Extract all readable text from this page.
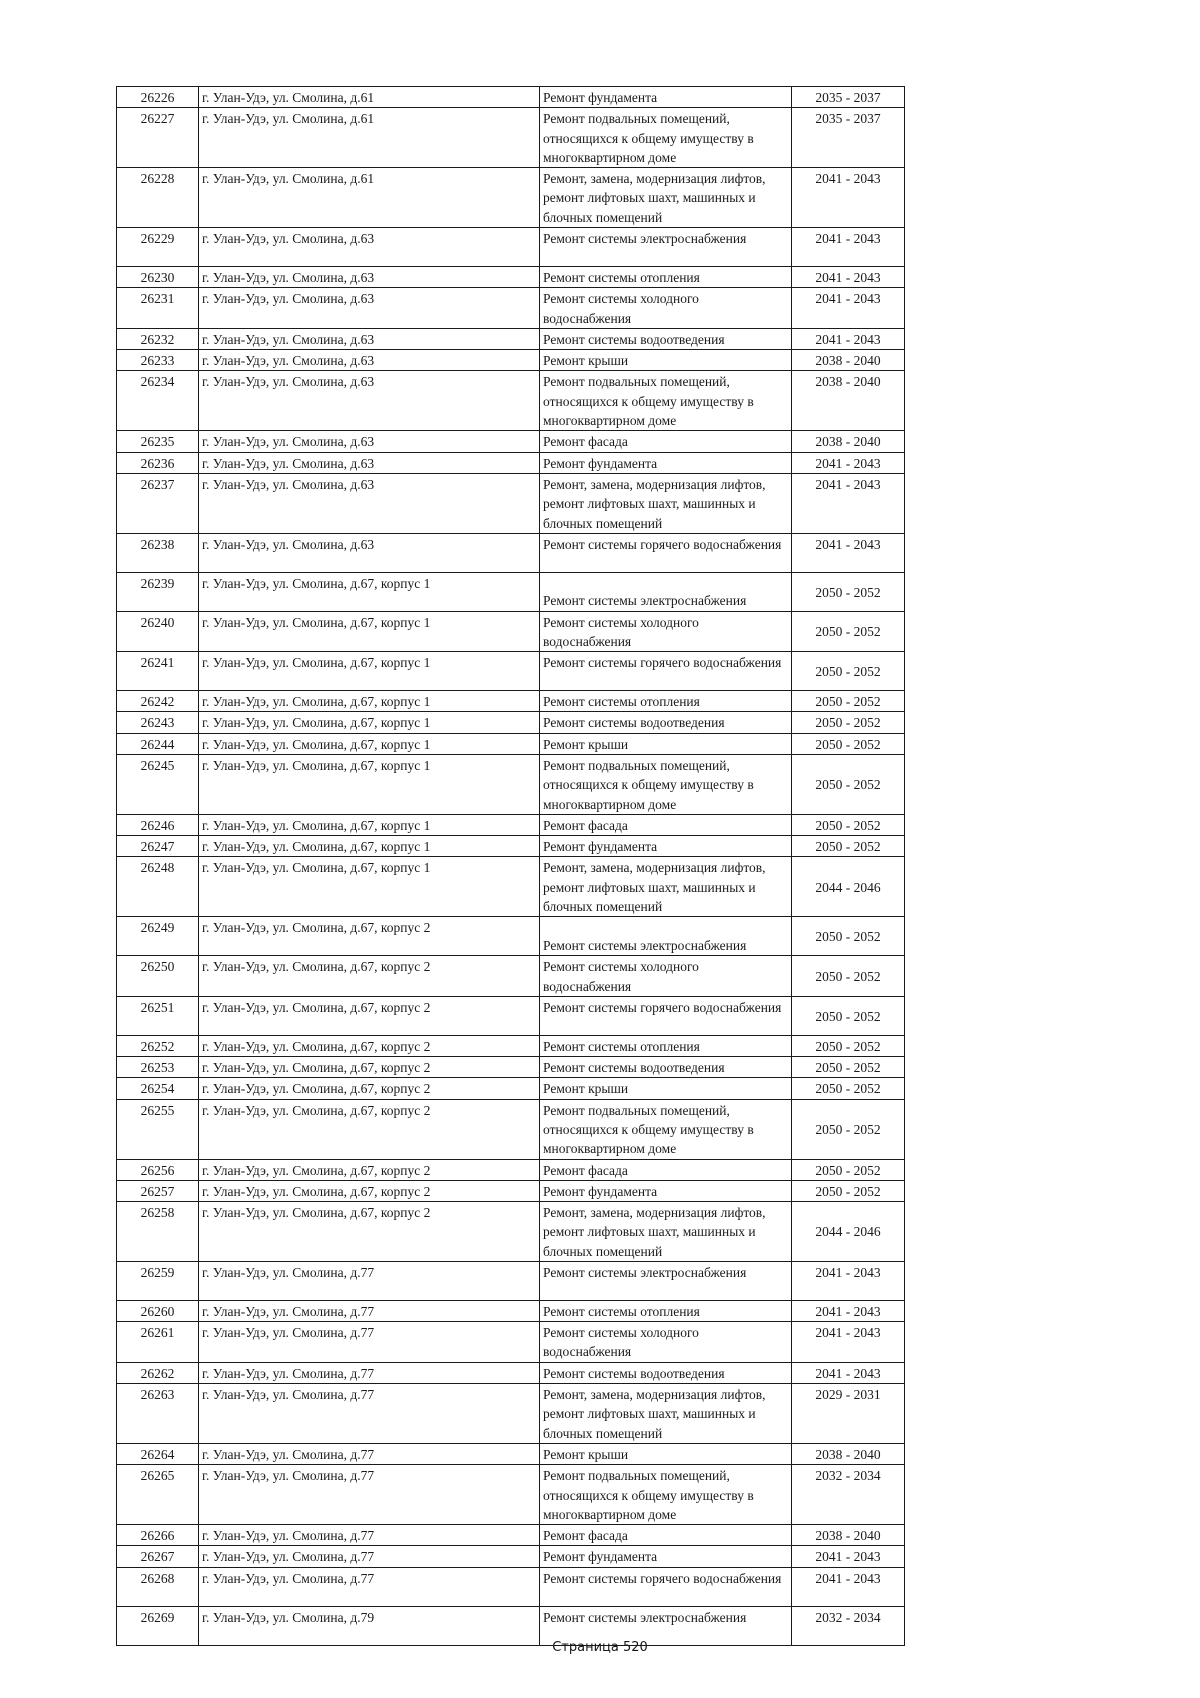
26226	г. Улан-Удэ, ул. Смолина, д.61	Ремонт фундамента	2035 - 2037
26227	г. Улан-Удэ, ул. Смолина, д.61	Ремонт подвальных помещений, относящихся к общему имуществу в многоквартирном доме	2035 - 2037
26228	г. Улан-Удэ, ул. Смолина, д.61	Ремонт, замена, модернизация лифтов, ремонт лифтовых шахт, машинных и блочных помещений	2041 - 2043
26229	г. Улан-Удэ, ул. Смолина, д.63	Ремонт системы электроснабжения	2041 - 2043
26230	г. Улан-Удэ, ул. Смолина, д.63	Ремонт системы отопления	2041 - 2043
26231	г. Улан-Удэ, ул. Смолина, д.63	Ремонт системы холодного водоснабжения	2041 - 2043
26232	г. Улан-Удэ, ул. Смолина, д.63	Ремонт системы водоотведения	2041 - 2043
26233	г. Улан-Удэ, ул. Смолина, д.63	Ремонт крыши	2038 - 2040
26234	г. Улан-Удэ, ул. Смолина, д.63	Ремонт подвальных помещений, относящихся к общему имуществу в многоквартирном доме	2038 - 2040
26235	г. Улан-Удэ, ул. Смолина, д.63	Ремонт фасада	2038 - 2040
26236	г. Улан-Удэ, ул. Смолина, д.63	Ремонт фундамента	2041 - 2043
26237	г. Улан-Удэ, ул. Смолина, д.63	Ремонт, замена, модернизация лифтов, ремонт лифтовых шахт, машинных и блочных помещений	2041 - 2043
26238	г. Улан-Удэ, ул. Смолина, д.63	Ремонт системы горячего водоснабжения	2041 - 2043
26239	г. Улан-Удэ, ул. Смолина, д.67, корпус 1	Ремонт системы электроснабжения	2050 - 2052
26240	г. Улан-Удэ, ул. Смолина, д.67, корпус 1	Ремонт системы холодного водоснабжения	2050 - 2052
26241	г. Улан-Удэ, ул. Смолина, д.67, корпус 1	Ремонт системы горячего водоснабжения	2050 - 2052
26242	г. Улан-Удэ, ул. Смолина, д.67, корпус 1	Ремонт системы отопления	2050 - 2052
26243	г. Улан-Удэ, ул. Смолина, д.67, корпус 1	Ремонт системы водоотведения	2050 - 2052
26244	г. Улан-Удэ, ул. Смолина, д.67, корпус 1	Ремонт крыши	2050 - 2052
26245	г. Улан-Удэ, ул. Смолина, д.67, корпус 1	Ремонт подвальных помещений, относящихся к общему имуществу в многоквартирном доме	2050 - 2052
26246	г. Улан-Удэ, ул. Смолина, д.67, корпус 1	Ремонт фасада	2050 - 2052
26247	г. Улан-Удэ, ул. Смолина, д.67, корпус 1	Ремонт фундамента	2050 - 2052
26248	г. Улан-Удэ, ул. Смолина, д.67, корпус 1	Ремонт, замена, модернизация лифтов, ремонт лифтовых шахт, машинных и блочных помещений	2044 - 2046
26249	г. Улан-Удэ, ул. Смолина, д.67, корпус 2	Ремонт системы электроснабжения	2050 - 2052
26250	г. Улан-Удэ, ул. Смолина, д.67, корпус 2	Ремонт системы холодного водоснабжения	2050 - 2052
26251	г. Улан-Удэ, ул. Смолина, д.67, корпус 2	Ремонт системы горячего водоснабжения	2050 - 2052
26252	г. Улан-Удэ, ул. Смолина, д.67, корпус 2	Ремонт системы отопления	2050 - 2052
26253	г. Улан-Удэ, ул. Смолина, д.67, корпус 2	Ремонт системы водоотведения	2050 - 2052
26254	г. Улан-Удэ, ул. Смолина, д.67, корпус 2	Ремонт крыши	2050 - 2052
26255	г. Улан-Удэ, ул. Смолина, д.67, корпус 2	Ремонт подвальных помещений, относящихся к общему имуществу в многоквартирном доме	2050 - 2052
26256	г. Улан-Удэ, ул. Смолина, д.67, корпус 2	Ремонт фасада	2050 - 2052
26257	г. Улан-Удэ, ул. Смолина, д.67, корпус 2	Ремонт фундамента	2050 - 2052
26258	г. Улан-Удэ, ул. Смолина, д.67, корпус 2	Ремонт, замена, модернизация лифтов, ремонт лифтовых шахт, машинных и блочных помещений	2044 - 2046
26259	г. Улан-Удэ, ул. Смолина, д.77	Ремонт системы электроснабжения	2041 - 2043
26260	г. Улан-Удэ, ул. Смолина, д.77	Ремонт системы отопления	2041 - 2043
26261	г. Улан-Удэ, ул. Смолина, д.77	Ремонт системы холодного водоснабжения	2041 - 2043
26262	г. Улан-Удэ, ул. Смолина, д.77	Ремонт системы водоотведения	2041 - 2043
26263	г. Улан-Удэ, ул. Смолина, д.77	Ремонт, замена, модернизация лифтов, ремонт лифтовых шахт, машинных и блочных помещений	2029 - 2031
26264	г. Улан-Удэ, ул. Смолина, д.77	Ремонт крыши	2038 - 2040
26265	г. Улан-Удэ, ул. Смолина, д.77	Ремонт подвальных помещений, относящихся к общему имуществу в многоквартирном доме	2032 - 2034
26266	г. Улан-Удэ, ул. Смолина, д.77	Ремонт фасада	2038 - 2040
26267	г. Улан-Удэ, ул. Смолина, д.77	Ремонт фундамента	2041 - 2043
26268	г. Улан-Удэ, ул. Смолина, д.77	Ремонт системы горячего водоснабжения	2041 - 2043
26269	г. Улан-Удэ, ул. Смолина, д.79	Ремонт системы электроснабжения	2032 - 2034
Страница 520
